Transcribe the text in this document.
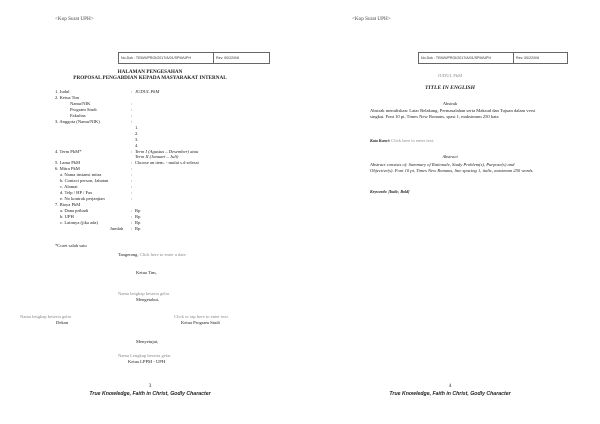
<Kop Surat UPH>
No.Dok : TEM/II/PROI/2017/A/01/SPM/UPH	Rev. 00/22/II/6
HALAMAN PENGESAHAN
PROPOSAL PENGABDIAN KEPADA MASYARAKAT INTERNAL
1. Judul	: JUDUL PkM
2. Ketua Tim
Nama/NIK	:
Program Studi	:
Fakultas	:
3. Anggota (Nama/NIK)	:
1.
2.
3.
4.
4. Term PkM*	: Term I (Agustus – Desember) atau
Term II (Januari – Juli)
5. Lama PkM	: Choose an item. - mulai s.d selesai
6. Mitra PkM	:
a. Nama instansi mitra	:
b. Contact person, Jabatan	:
c. Alamat	:
d. Telp / HP / Fax	:
e. No kontrak perjanjian	:
7. Biaya PkM
a. Dana pribadi	: Rp
b. UPH	: Rp
c. Lainnya (jika ada)	: Rp
Jumlah : Rp
*Coret salah satu
Tangerang, Click here to enter a date.
Ketua Tim,
Nama lengkap beserta gelar
Mengetahui,
Nama lengkap beserta gelar
Dekan
Click or tap here to enter text.
Ketua Program Studi
Menyetujui,
Nama Lengkap beserta gelar
Ketua LPPM - UPH
3
True Knowledge, Faith in Christ, Godly Character
<Kop Surat UPH>
No.Dok : TEM/II/PROI/2017/A/01/SPM/UPH	Rev. 00/22/II/6
JUDUL PkM
TITLE IN ENGLISH
Abstrak
Abstrak menuliskan: Latar Belakang, Permasalahan serta Maksud dan Tujuan dalam versi singkat. Font 10 pt, Times New Romans, spasi 1, maksimum 250 kata
Kata Kunci: Click here to enter text.
Abstract
Abstract consists of: Summary of Rationale, Study Problem(s), Purpose(s) and Objective(s). Font 10 pt, Times New Romans, line spacing 1, italic, maximum 250 words.
Keywords: [Italic, Bold]
4
True Knowledge, Faith in Christ, Godly Character
